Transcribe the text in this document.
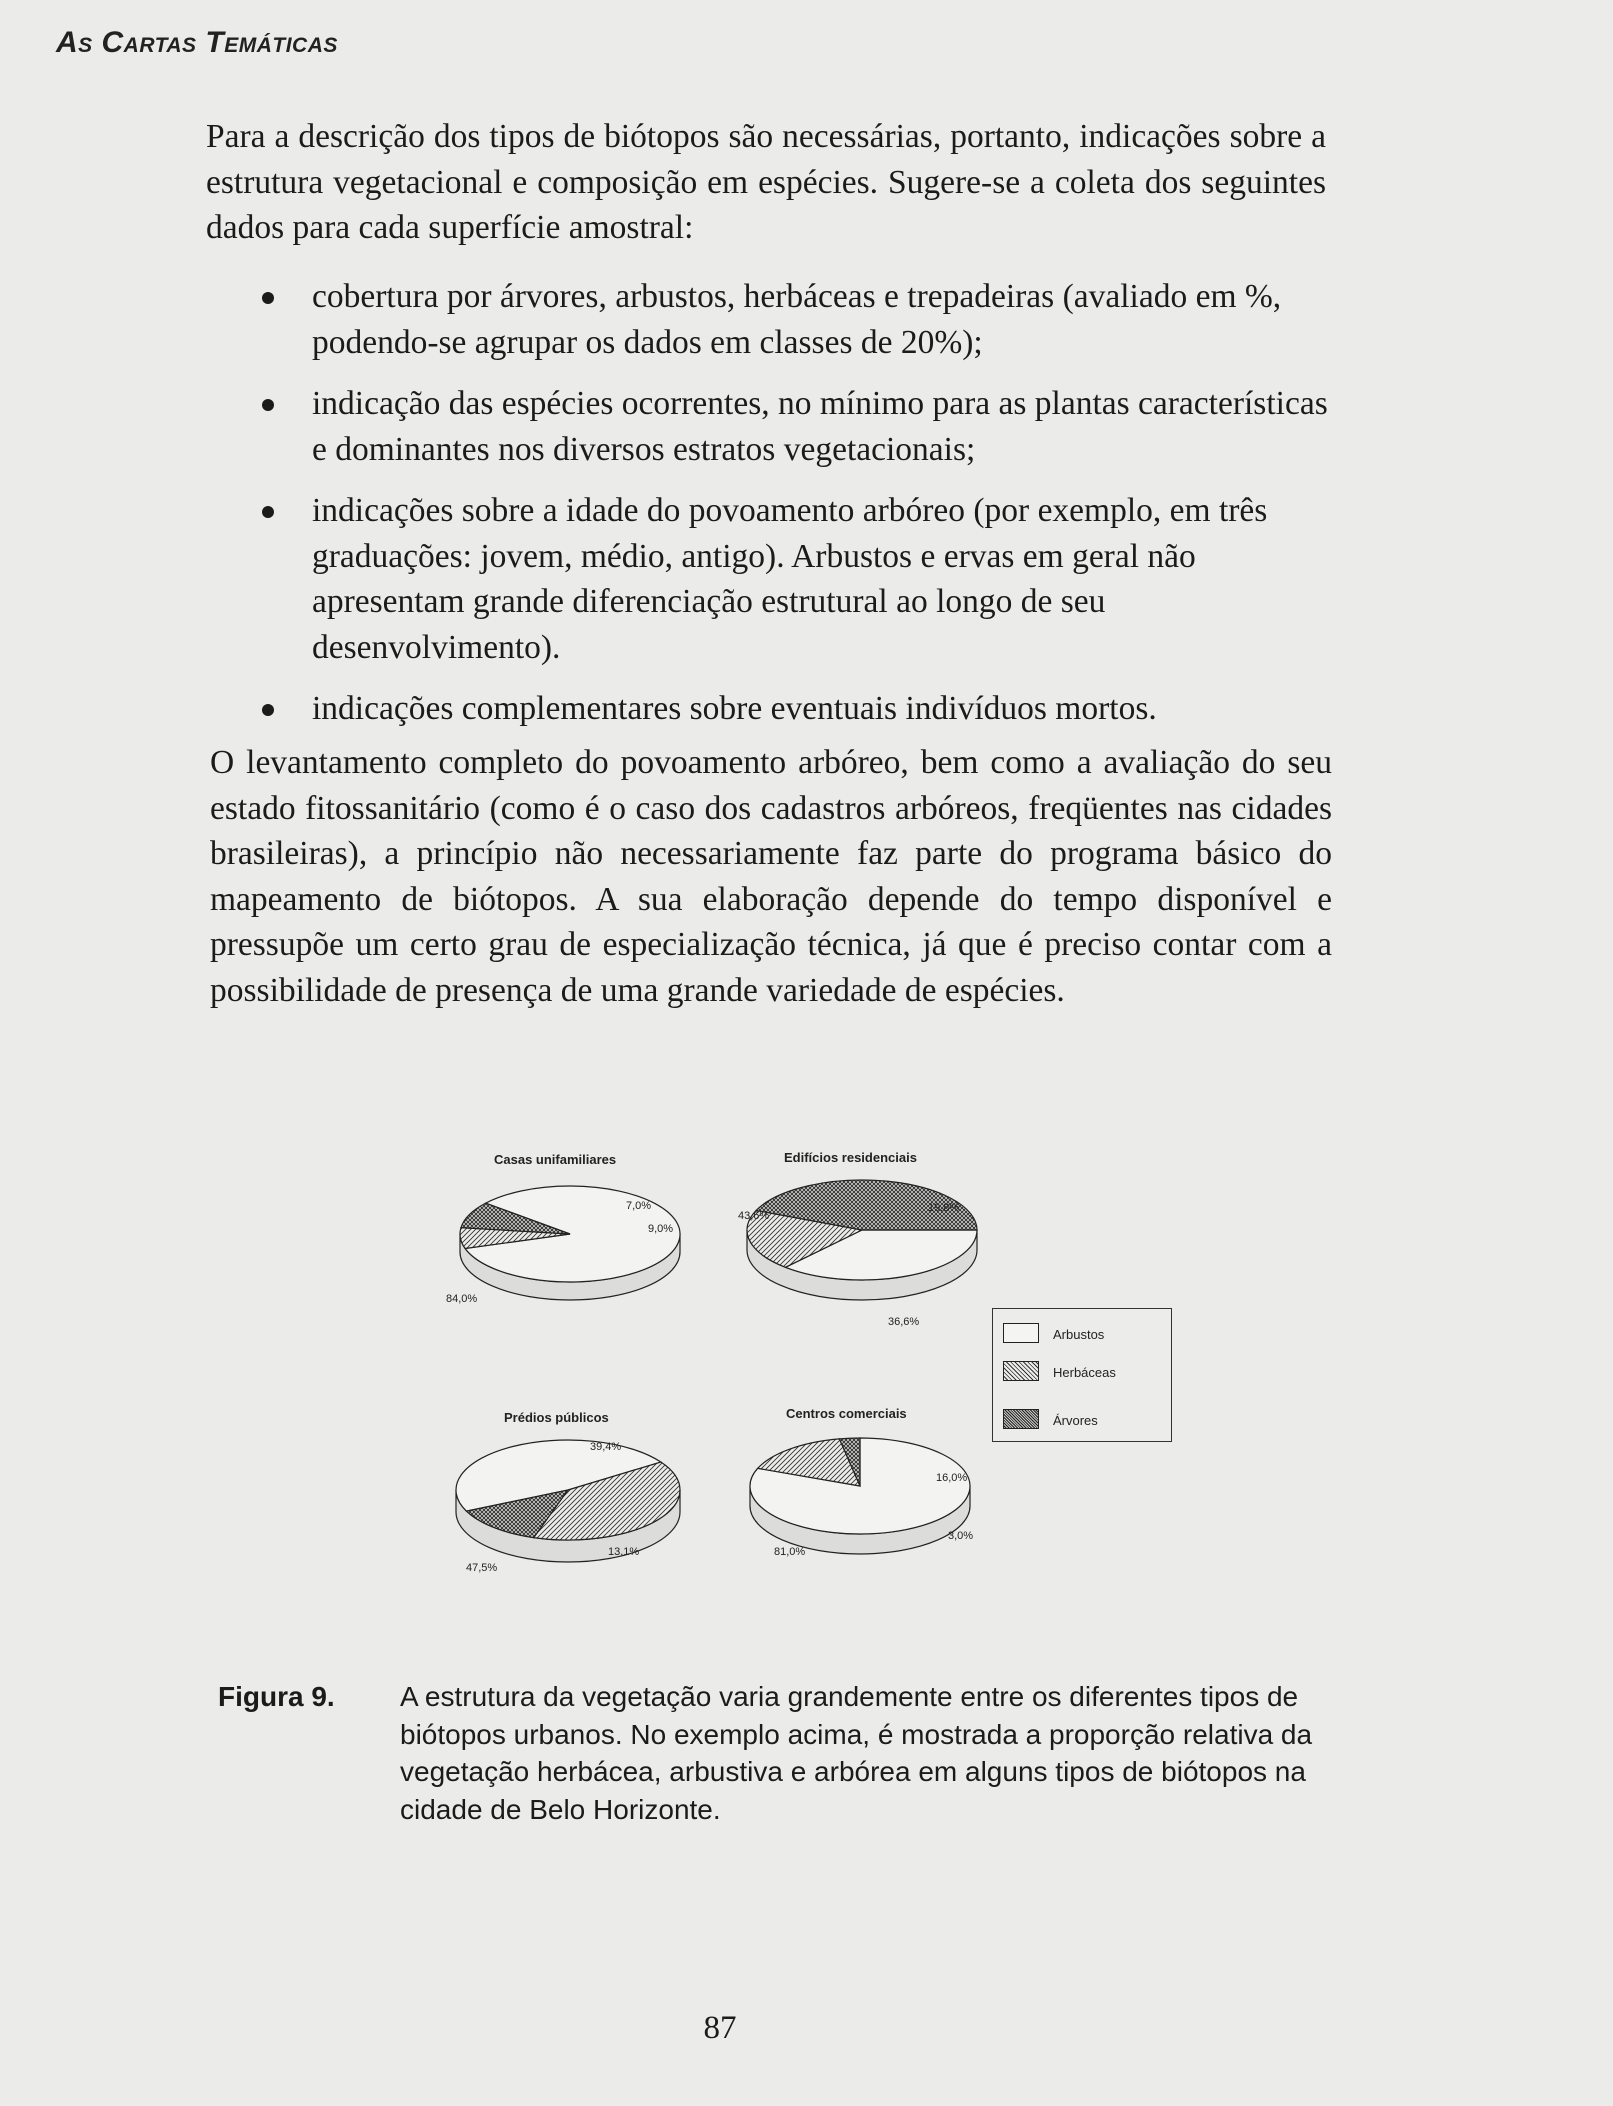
As Cartas Temáticas

Para a descrição dos tipos de biótopos são necessárias, portanto, indicações sobre a estrutura vegetacional e composição em espécies. Sugere-se a coleta dos seguintes dados para cada superfície amostral:

cobertura por árvores, arbustos, herbáceas e trepadeiras (avaliado em %, podendo-se agrupar os dados em classes de 20%);
indicação das espécies ocorrentes, no mínimo para as plantas características e dominantes nos diversos estratos vegetacionais;
indicações sobre a idade do povoamento arbóreo (por exemplo, em três graduações: jovem, médio, antigo). Arbustos e ervas em geral não apresentam grande diferenciação estrutural ao longo de seu desenvolvimento).
indicações complementares sobre eventuais indivíduos mortos.

O levantamento completo do povoamento arbóreo, bem como a avaliação do seu estado fitossanitário (como é o caso dos cadastros arbóreos, freqüentes nas cidades brasileiras), a princípio não necessariamente faz parte do programa básico do mapeamento de biótopos. A sua elaboração depende do tempo disponível e pressupõe um certo grau de especialização técnica, já que é preciso contar com a possibilidade de presença de uma grande variedade de espécies.

Casas unifamiliares	Edifícios residenciais
Prédios públicos	Centros comerciais
84,0%
7,0%
9,0%
36,6%
19,8%
43,6%
47,5%
39,4%
13,1%	81,0%
16,0%
3,0%
Arbustos
Herbáceas
Árvores
Figura 9. A estrutura da vegetação varia grandemente entre os diferentes tipos de biótopos urbanos. No exemplo acima, é mostrada a proporção relativa da vegetação herbácea, arbustiva e arbórea em alguns tipos de biótopos na cidade de Belo Horizonte.
87
